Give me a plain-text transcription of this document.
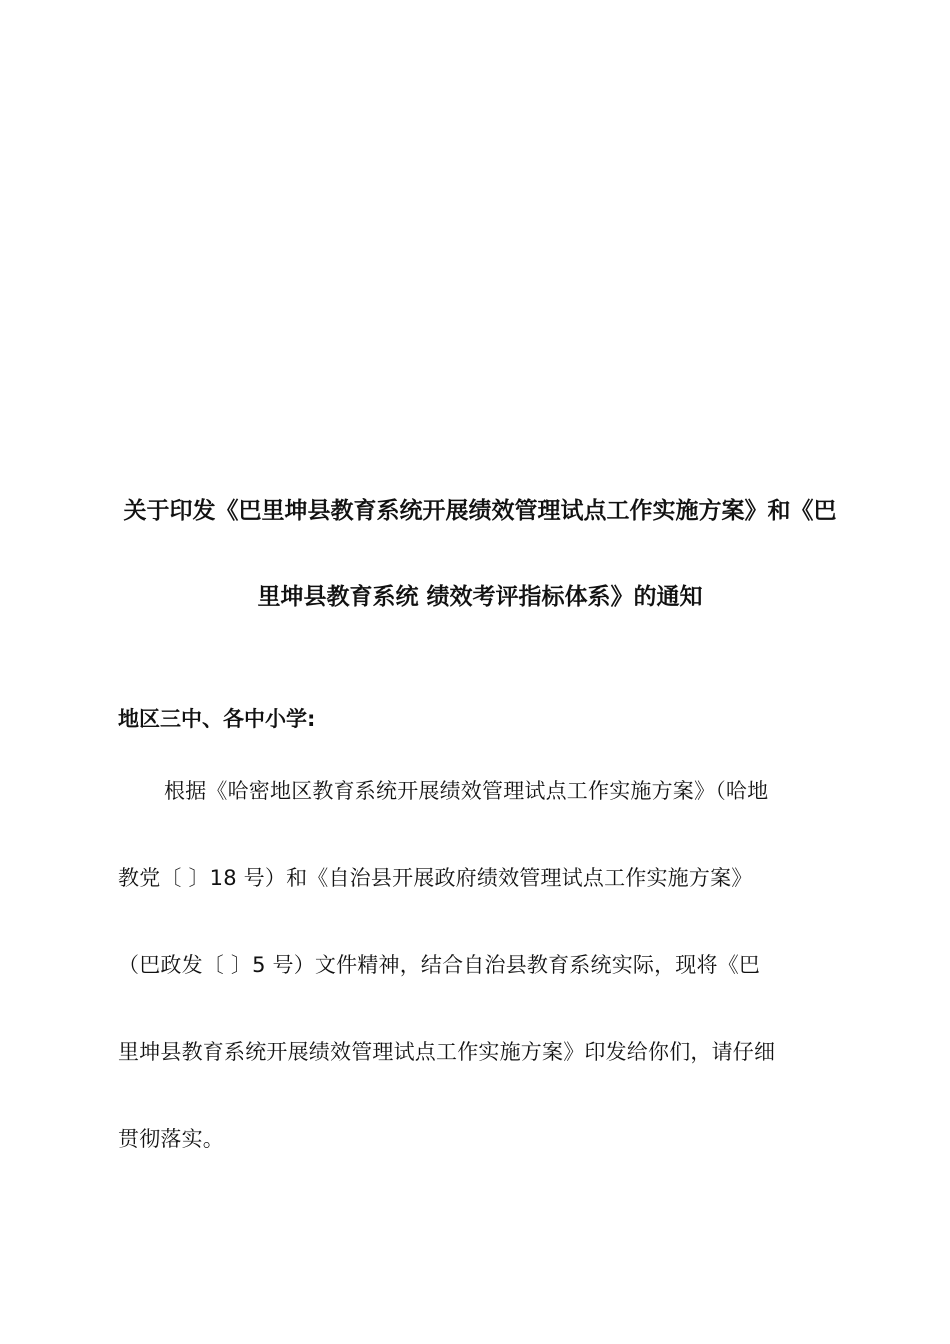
关于印发《巴里坤县教育系统开展绩效管理试点工作实施方案》和《巴
里坤县教育系统 绩效考评指标体系》的通知
地区三中、各中小学:
根据《哈密地区教育系统开展绩效管理试点工作实施方案》（哈地
教党〔 〕18 号）和《自治县开展政府绩效管理试点工作实施方案》
（巴政发〔 〕5 号）文件精神，结合自治县教育系统实际，现将《巴
里坤县教育系统开展绩效管理试点工作实施方案》印发给你们，请仔细
贯彻落实。
